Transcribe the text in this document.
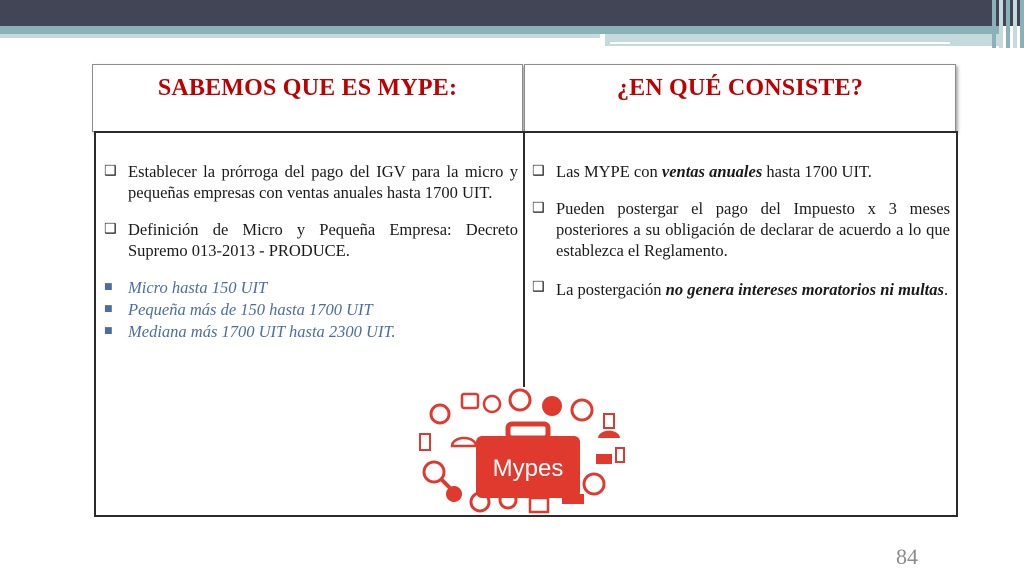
SABEMOS QUE ES MYPE:	¿EN QUÉ CONSISTE?
❑ Establecer la prórroga del pago del IGV para la micro y pequeñas empresas con ventas anuales hasta 1700 UIT.
❑ Definición de Micro y Pequeña Empresa: Decreto Supremo 013-2013 - PRODUCE.
■ Micro hasta 150 UIT
■ Pequeña más de 150 hasta 1700 UIT
■ Mediana más 1700 UIT hasta 2300 UIT.
❑ Las MYPE con ventas anuales hasta 1700 UIT.
❑ Pueden postergar el pago del Impuesto x 3 meses posteriores a su obligación de declarar de acuerdo a lo que establezca el Reglamento.
❑ La postergación no genera intereses moratorios ni multas.
Mypes
84
